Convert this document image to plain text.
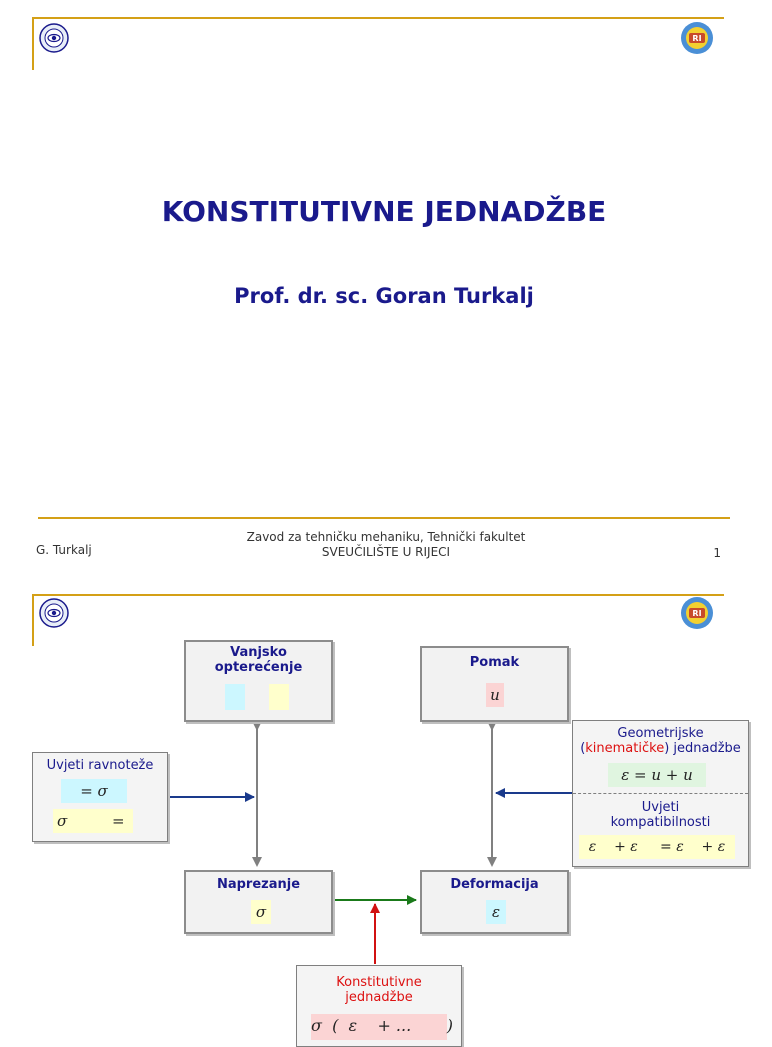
RI
KONSTITUTIVNE JEDNADŽBE
Prof. dr. sc. Goran Turkalj
G. Turkalj
Zavod za tehničku mehaniku, Tehnički fakultet
SVEUČILIŠTE U RIJECI	1
RI
Vanjsko
opterećenje	Pomak
u
Naprezanje
σ
Deformacija
ε
Uvjeti ravnoteže
= σ
σ	=
Geometrijske
(kinematičke) jednadžbe
ε = u + u
Uvjeti
kompatibilnosti
ε    + ε     = ε    + ε
Konstitutivne
jednadžbe
σ  (  ε    + ...       )
